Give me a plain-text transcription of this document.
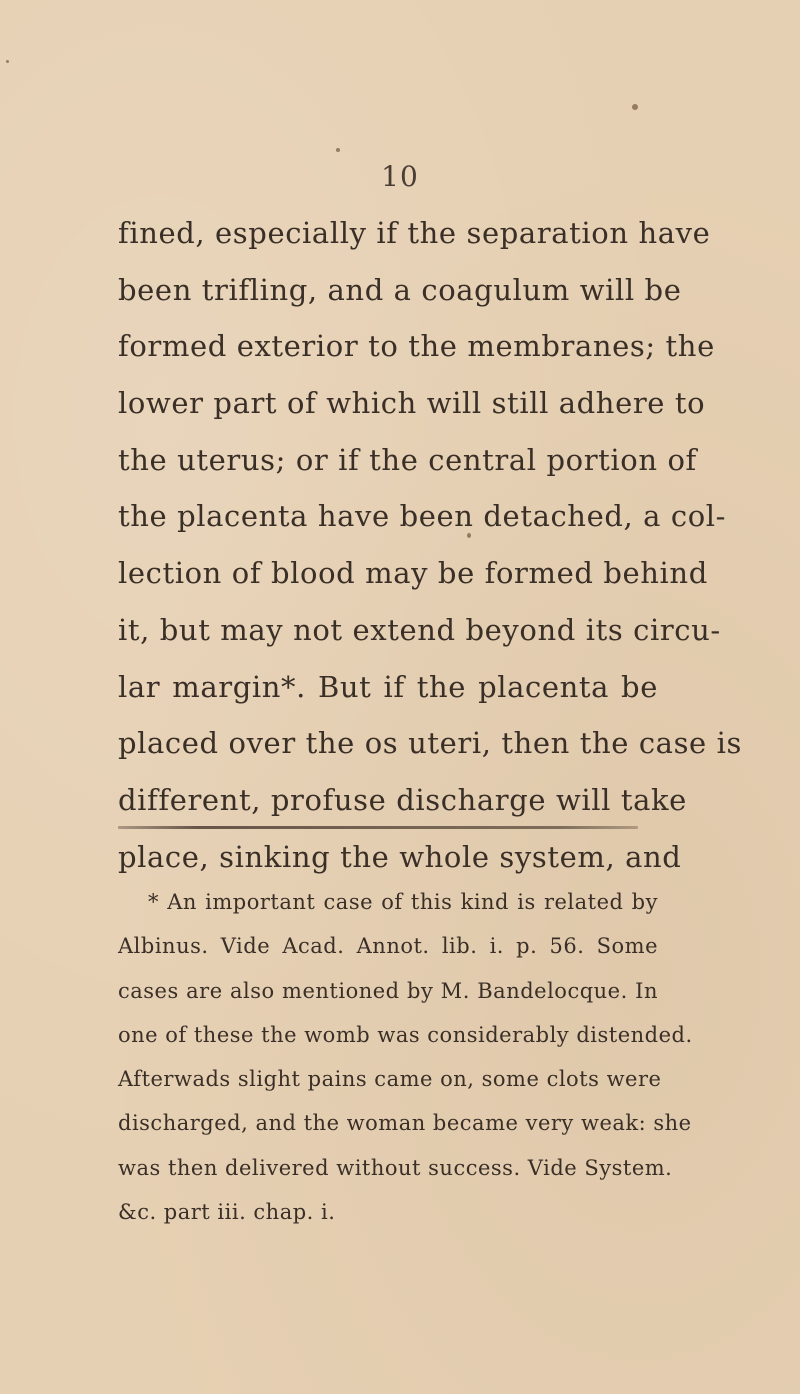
10
fined, especially if the separation have
been trifling, and a coagulum will be
formed exterior to the membranes; the
lower part of which will still adhere to
the uterus; or if the central portion of
the placenta have been detached, a col-
lection of blood may be formed behind
it, but may not extend beyond its circu-
lar margin*. But if the placenta be
placed over the os uteri, then the case is
different, profuse discharge will take
place, sinking the whole system, and
* An important case of this kind is related by
Albinus. Vide Acad. Annot. lib. i. p. 56. Some
cases are also mentioned by M. Bandelocque. In
one of these the womb was considerably distended.
Afterwads slight pains came on, some clots were
discharged, and the woman became very weak: she
was then delivered without success. Vide System.
&c. part iii. chap. i.
